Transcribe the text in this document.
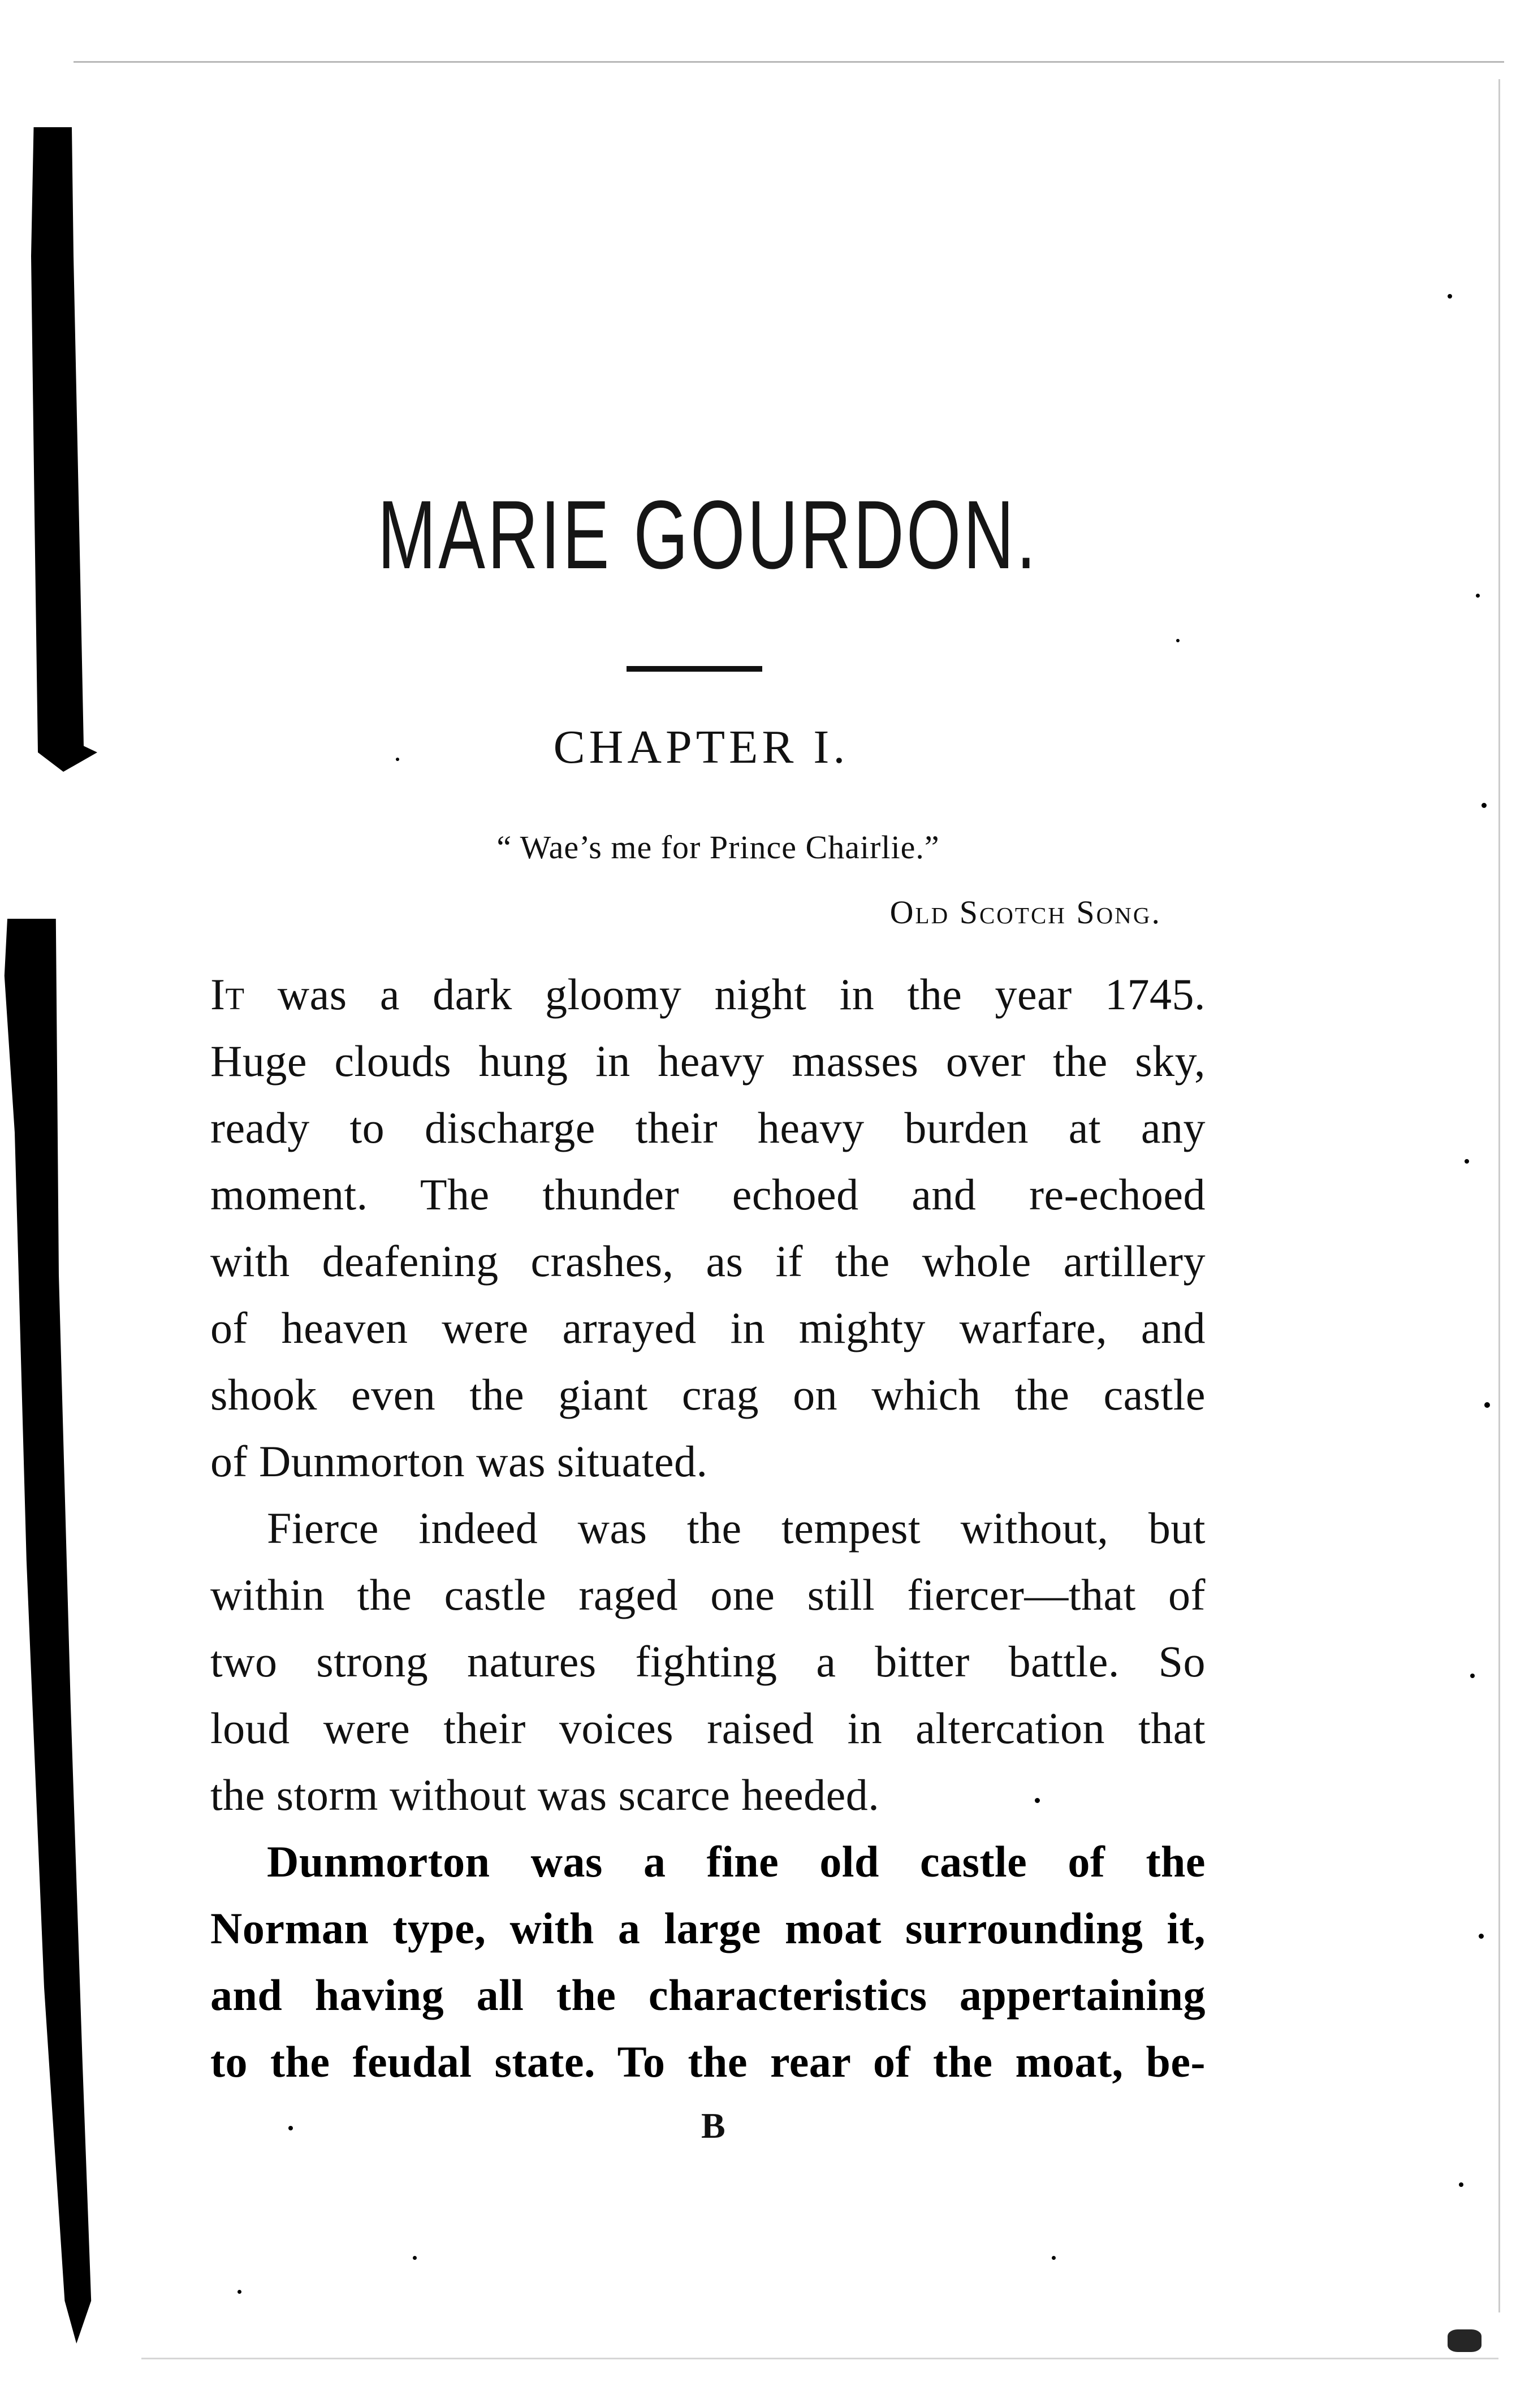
MARIE GOURDON.
CHAPTER I.
“ Wae’s me for Prince Chairlie.”
Old Scotch Song.
It was a dark gloomy night in the year 1745.
Huge clouds hung in heavy masses over the sky,
ready to discharge their heavy burden at any
moment. The thunder echoed and re-echoed
with deafening crashes, as if the whole artillery
of heaven were arrayed in mighty warfare, and
shook even the giant crag on which the castle
of Dunmorton was situated.
Fierce indeed was the tempest without, but
within the castle raged one still fiercer—that of
two strong natures fighting a bitter battle. So
loud were their voices raised in altercation that
the storm without was scarce heeded.
Dunmorton was a fine old castle of the
Norman type, with a large moat surrounding it,
and having all the characteristics appertaining
to the feudal state. To the rear of the moat, be-
B
